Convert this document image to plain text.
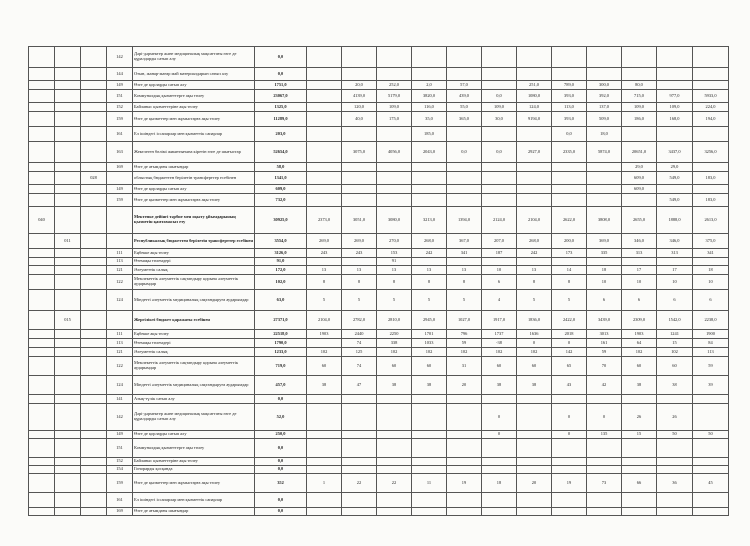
			142	Дәрі-дәрмектер және медициналық мақсаттағы өзге де құралдарды сатып алу	0,0												
			144	Отын, жанар-жағар май материалдарын сатып алу	0,0												
			149	Өзге де қорларды сатып алу	1751,0		20,0	252,0	2,0	57,0		251,0	789,0	300,0	80,0		
			151	Коммуналдық қызметтерге ақы төлеу	23067,0		4139,0	5179,0	3820,0	439,0	0,0	1080,0	393,0	392,0	715,0	977,0	5933,0
			152	Байланыс қызметтеріне ақы төлеу	1325,0		120,0	109,0	116,0	55,0	109,0	124,0	113,0	137,0	109,0	109,0	224,0
			159	Өзге де қызметтер мен жұмыстарға ақы төлеу	11289,0		40,0	175,0	35,0	365,0	30,0	9194,0	393,0	509,0	186,0	168,0	194,0
			161	Ел ішіндегі іссапарлар мен қызметтік сапарлар	203,0				185,0				0,0	18,0			
			163	Жекелеген бөлімі жиынтығына кіретін өзге де шығыстар	52654,0		3075,0	4056,0	2043,0	0,0	0,0	2927,0	2335,0	5874,0	20651,0	3437,0	3256,0
			169	Өзге де ағымдағы шығындар	58,0										29,0	29,0	
		028		облыстық бюджеттен берілетін трансферттер есебінен	1341,0										609,0	549,0	183,0
			149	Өзге де қорларды сатып алу	609,0										609,0		
			159	Өзге де қызметтер мен жұмыстарға ақы төлеу	732,0											549,0	183,0
040				Мектепке дейінгі тәрбие мен оқыту ұйымдарының қызметін қамтамасыз ету	30925,0	2373,0	3051,0	3080,0	3213,0	1394,0	2124,0	2104,0	2622,0	3808,0	2655,0	1888,0	2613,0
	011			Республикалық бюджеттен берілетін трансферттер есебінен	3554,0	269,0	269,0	270,0	268,0	367,0	207,0	268,0	200,0	369,0	346,0	346,0	375,0
			111	Еңбекке ақы төлеу	3126,0	243	243	153	242	341	187	242	173	335	313	313	341
			113	Өтемақы төлемдері	91,0			91									
			121	Әлеуметтік салық	172,0	13	13	13	13	13	10	13	14	18	17	17	18
			122	Мемлекеттік әлеуметтік сақтандыру қорына әлеуметтік аударымдар	102,0	8	8	8	8	8	6	8	8	10	10	10	10
			124	Міндетті әлеуметтік медициналық сақтандыруға аударымдар	63,0	5	5	5	5	5	4	5	5	6	6	6	6
	015			Жергілікті бюджет қаражаты есебінен	27371,0	2104,0	2782,0	2810,0	2945,0	1027,0	1917,0	1836,0	2422,0	3439,0	2309,0	1542,0	2238,0
			111	Еңбекке ақы төлеу	22518,0	1903	2440	2250	1701	796	1737	1636	2018	3013	1903	1241	1900
			113	Өтемақы төлемдері	1790,0		74	338	1033	59	-38	0	0	161	64	15	84
			121	Әлеуметтік салық	1233,0	102	125	102	102	102	102	102	142	59	102	102	113
			122	Мемлекеттік әлеуметтік сақтандыру қорына әлеуметтік аударымдар	719,0	60	74	60	60	31	60	60	65	70	60	60	59
			124	Міндетті әлеуметтік медициналық сақтандыруға аударымдар	457,0	38	47	38	38	20	38	38	43	42	38	38	39
			141	Азық-түлік сатып алу	0,0												
			142	Дәрі-дәрмектер және медициналық мақсаттағы өзге де құралдарды сатып алу	52,0						0		0	0	26	26	
			149	Өзге де қорларды сатып алу	250,0						0		0	135	15	50	50
			151	Коммуналдық қызметтерге ақы төлеу	0,0												
			152	Байланыс қызметтеріне ақы төлеу	0,0												
			154	Гонорарды қосқанда	0,0												
			159	Өзге де қызметтер мен жұмыстарға ақы төлеу	352	1	22	22	11	19	18	20	19	73	66	36	45
			161	Ел ішіндегі іссапарлар мен қызметтік сапарлар	0,0												
			169	Өзге де ағымдағы шығындар	0,0												
